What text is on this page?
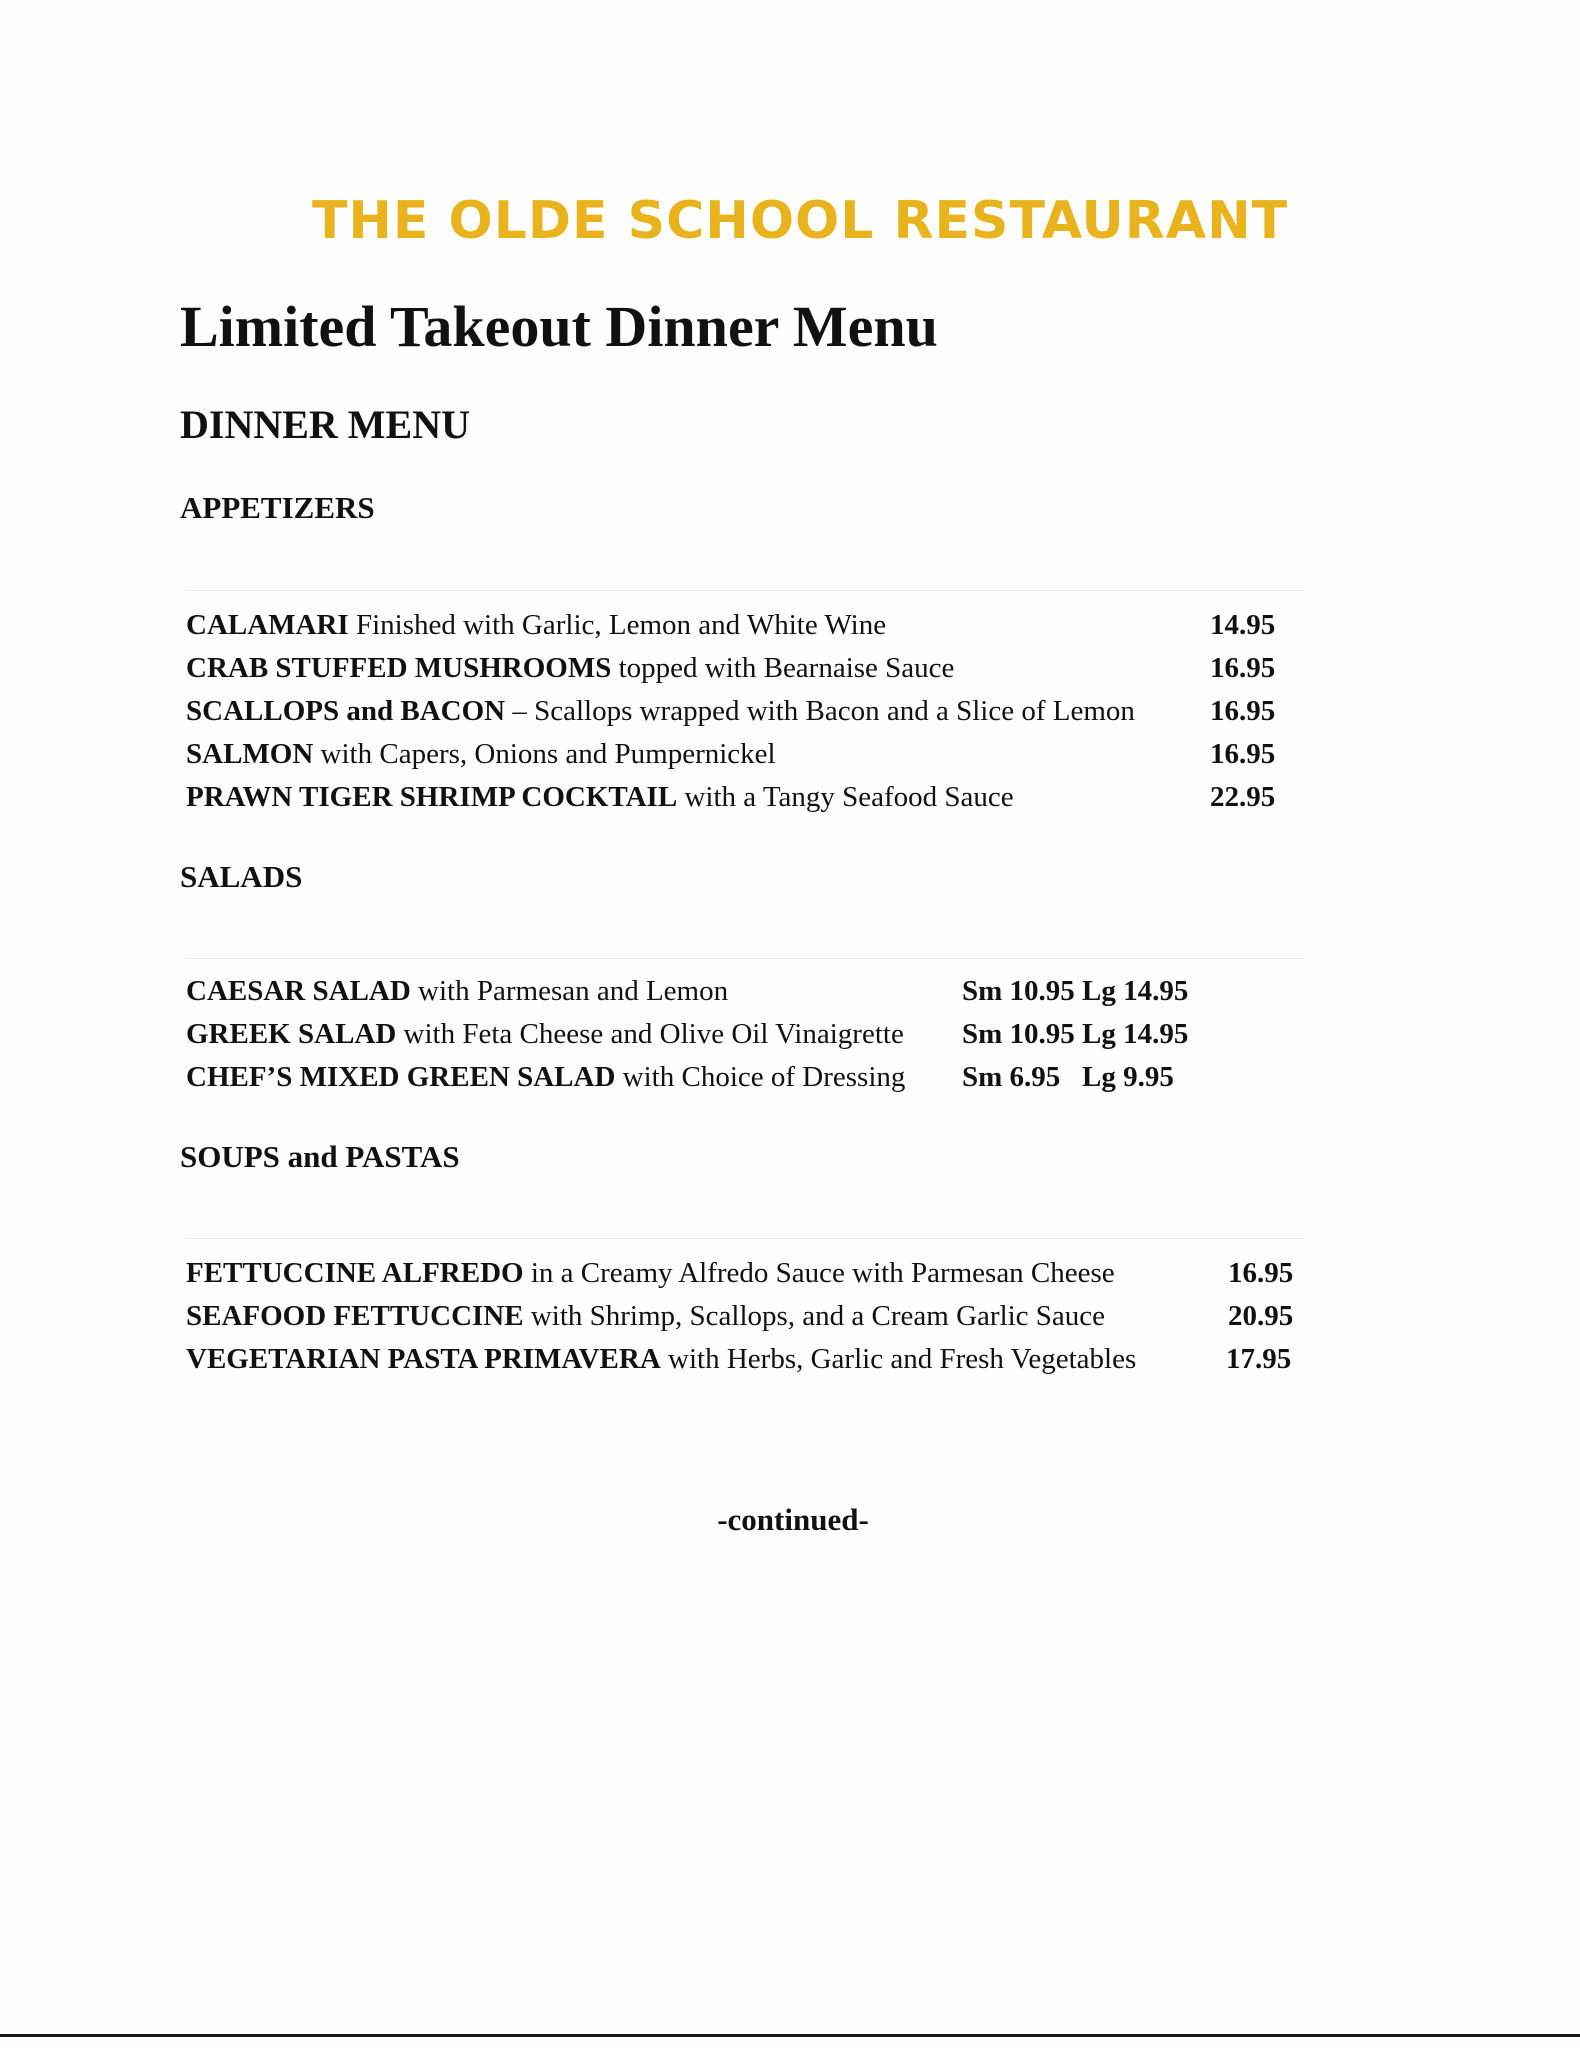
THE OLDE SCHOOL RESTAURANT
Limited Takeout Dinner Menu
DINNER MENU
APPETIZERS
CALAMARI Finished with Garlic, Lemon and White Wine	14.95
CRAB STUFFED MUSHROOMS topped with Bearnaise Sauce	16.95
SCALLOPS and BACON – Scallops wrapped with Bacon and a Slice of Lemon	16.95
SALMON with Capers, Onions and Pumpernickel	16.95
PRAWN TIGER SHRIMP COCKTAIL with a Tangy Seafood Sauce	22.95
SALADS
CAESAR SALAD with Parmesan and Lemon	Sm 10.95 Lg 14.95
GREEK SALAD with Feta Cheese and Olive Oil Vinaigrette Sm 10.95 Lg 14.95
CHEF’S MIXED GREEN SALAD with Choice of Dressing Sm 6.95   Lg 9.95
SOUPS and PASTAS
FETTUCCINE ALFREDO in a Creamy Alfredo Sauce with Parmesan Cheese	16.95
SEAFOOD FETTUCCINE with Shrimp, Scallops, and a Cream Garlic Sauce	20.95
VEGETARIAN PASTA PRIMAVERA with Herbs, Garlic and Fresh Vegetables	17.95
-continued-
